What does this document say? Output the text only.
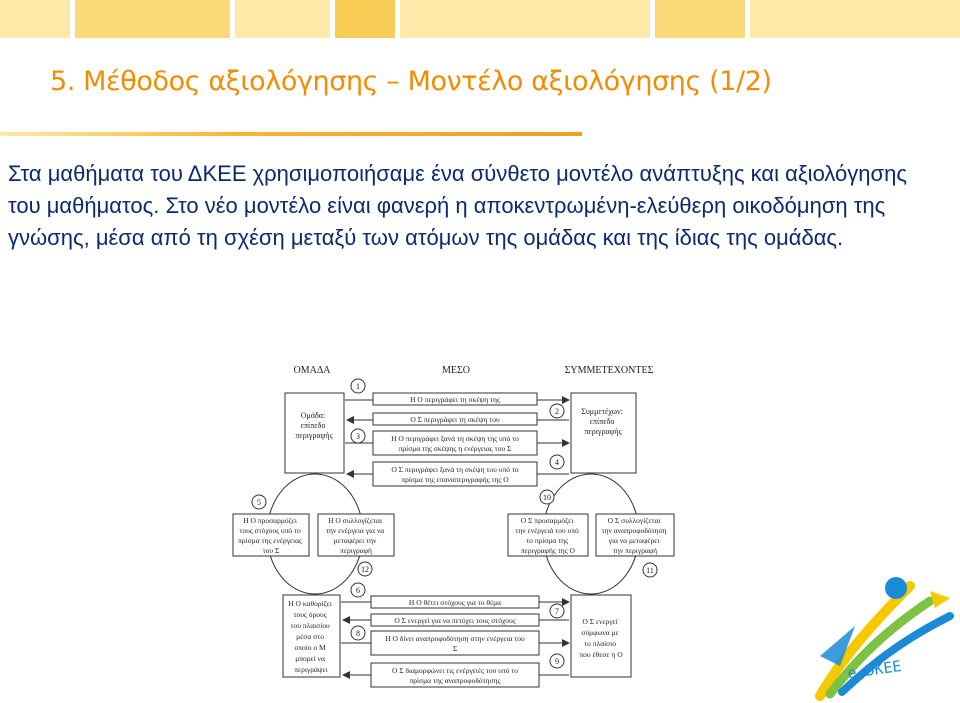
5. Μέθοδος αξιολόγησης – Μοντέλο αξιολόγησης (1/2)

Στα μαθήματα του ΔΚΕΕ χρησιμοποιήσαμε ένα σύνθετο μοντέλο ανάπτυξης και αξιολόγησης του μαθήματος. Στο νέο μοντέλο είναι φανερή η αποκεντρωμένη-ελεύθερη οικοδόμηση της γνώσης, μέσα από τη σχέση μεταξύ των ατόμων της ομάδας και της ίδιας της ομάδας.

ΟΜΑΔΑ	ΜΕΣΟ	ΣΥΜΜΕΤΕΧΟΝΤΕΣ
Ομάδα: επίπεδο περιγραφής
Συμμετέχων: επίπεδο περιγραφής
Η Ο περιγράφει τη σκέψη της
1
Ο Σ περιγράφει τη σκέψη του
2
Η Ο περιγράφει ξανά τη σκέψη της υπό το
πρίσμα της σκέψης η ενέργειας του Σ
3
Ο Σ περιγράφει ξανά τη σκέψη του υπό το
πρίσμα της επαναπεριγραφής της Ο
4
Η Ο προσαρμόζει τους στόχους υπό το πρίσμα της ενέργειας του Σ
Η Ο συλλογίζεται την ενέργεια για να μεταφέρει την περιγραφή
Ο Σ προσαρμόζει την ενέργειά του υπό το πρίσμα της περιγραφής της Ο
Ο Σ συλλογίζεται την αναπροφοδότηση για να μεταφέρει την περιγραφή
5
12
10
11
Η Ο καθορίζει τους όρους του πλαισίου μέσα στο οποίο ο Μ μπορεί να περιγράψει
Ο Σ ενεργεί σύμφωνα με το πλαίσιο που έθεσε η Ο
Η Ο θέτει στόχους για το θέμα
6
Ο Σ ενεργεί για να πετύχει τους στόχους
7
Η Ο δίνει αναπροφοδότηση στην ενέργεια του
Σ
8
Ο Σ διαμορφώνει τις ενέργειές του υπό το
πρίσμα της αναπροφοδότησης
9	e-DKEE
